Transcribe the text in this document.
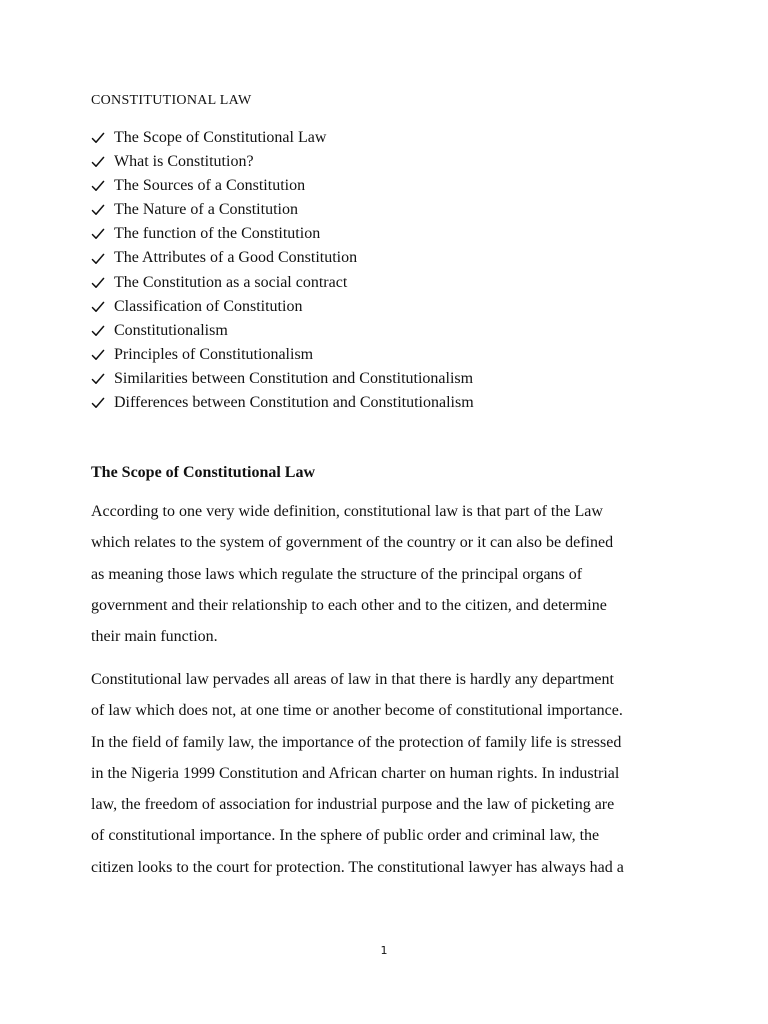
CONSTITUTIONAL LAW
The Scope of Constitutional Law
What is Constitution?
The Sources of a Constitution
The Nature of a Constitution
The function of the Constitution
The Attributes of a Good Constitution
The Constitution as a social contract
Classification of Constitution
Constitutionalism
Principles of Constitutionalism
Similarities between Constitution and Constitutionalism
Differences between Constitution and Constitutionalism
The Scope of Constitutional Law

According to one very wide definition, constitutional law is that part of the Law
which relates to the system of government of the country or it can also be defined
as meaning those laws which regulate the structure of the principal organs of
government and their relationship to each other and to the citizen, and determine
their main function.

Constitutional law pervades all areas of law in that there is hardly any department
of law which does not, at one time or another become of constitutional importance.
In the field of family law, the importance of the protection of family life is stressed
in the Nigeria 1999 Constitution and African charter on human rights. In industrial
law, the freedom of association for industrial purpose and the law of picketing are
of constitutional importance. In the sphere of public order and criminal law, the
citizen looks to the court for protection. The constitutional lawyer has always had a

1
